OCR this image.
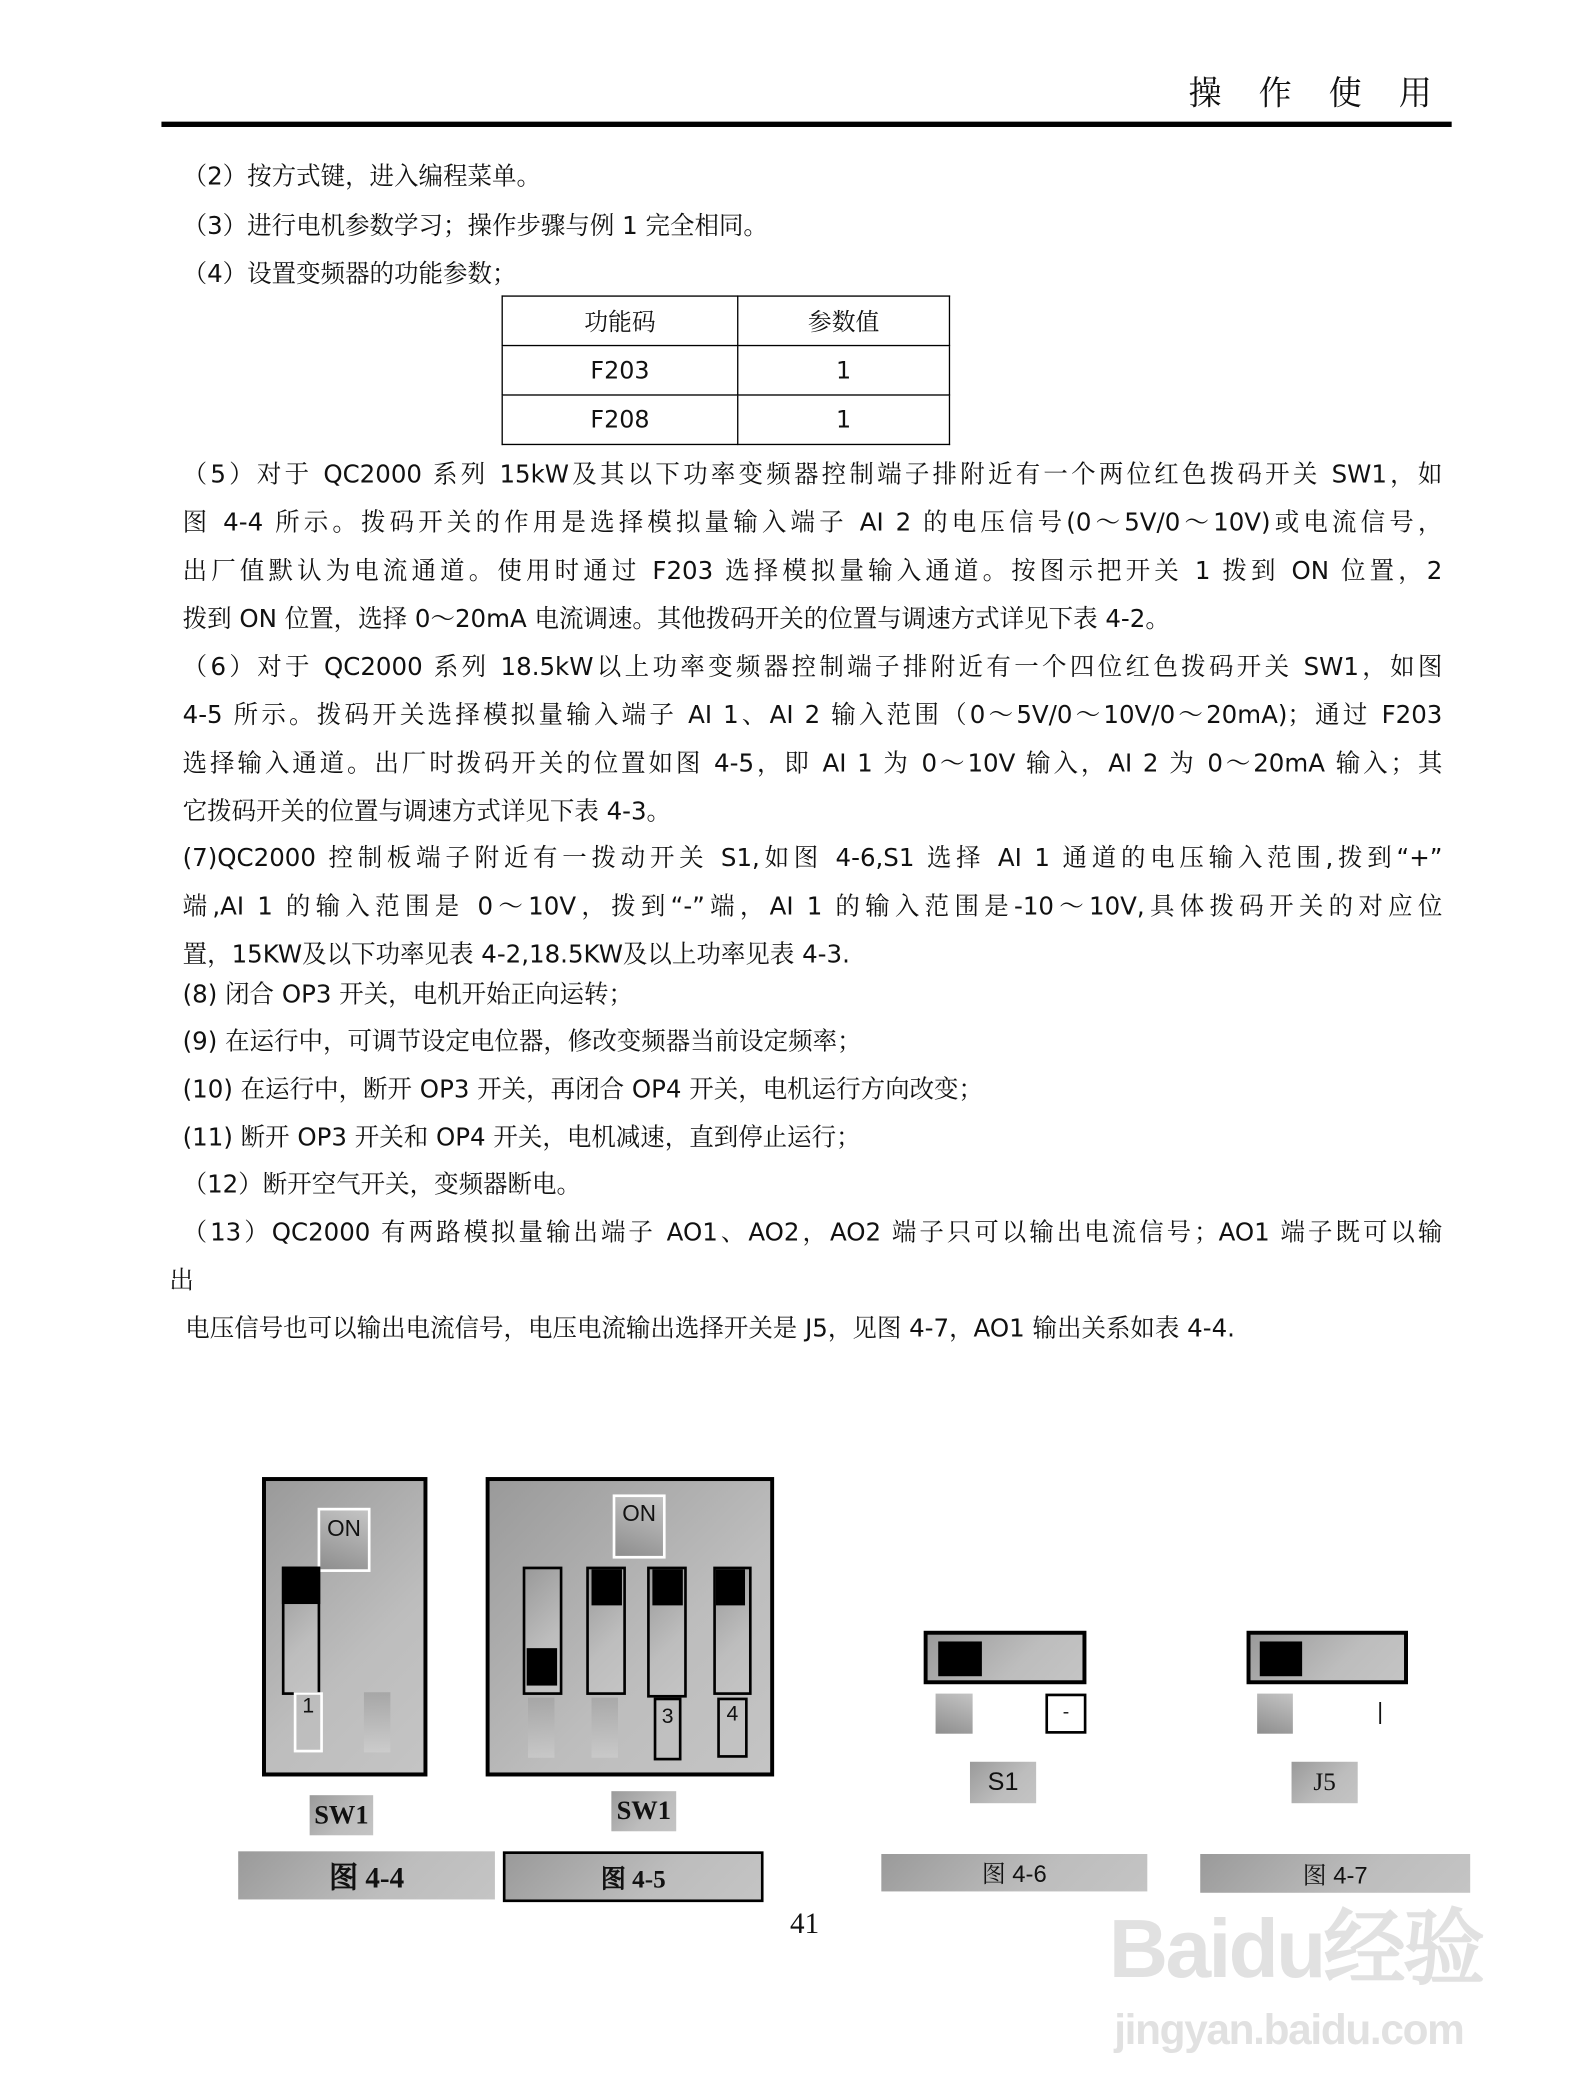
操 作 使 用
（2）按方式键，进入编程菜单。
（3）进行电机参数学习；操作步骤与例 1 完全相同。
（4）设置变频器的功能参数；
功能码	参数值
F203	1
F208	1
（5）对于 QC2000 系列 15kW及其以下功率变频器控制端子排附近有一个两位红色拨码开关 SW1，如
图 4-4 所示。拨码开关的作用是选择模拟量输入端子 AI 2 的电压信号(0～5V/0～10V)或电流信号，
出厂值默认为电流通道。使用时通过 F203 选择模拟量输入通道。按图示把开关 1 拨到 ON 位置，2
拨到 ON 位置，选择 0～20mA 电流调速。其他拨码开关的位置与调速方式详见下表 4-2。
（6）对于 QC2000 系列 18.5kW以上功率变频器控制端子排附近有一个四位红色拨码开关 SW1，如图
4-5 所示。拨码开关选择模拟量输入端子 AI 1、AI 2 输入范围（0～5V/0～10V/0～20mA)；通过 F203
选择输入通道。出厂时拨码开关的位置如图 4-5，即 AI 1 为 0～10V 输入，AI 2 为 0～20mA 输入；其
它拨码开关的位置与调速方式详见下表 4-3。
(7)QC2000 控制板端子附近有一拨动开关 S1,如图 4-6,S1 选择 AI 1 通道的电压输入范围,拨到“+”
端,AI 1 的输入范围是 0～10V，拨到“-”端，AI 1 的输入范围是-10～10V,具体拨码开关的对应位
置，15KW及以下功率见表 4-2,18.5KW及以上功率见表 4-3.
(8) 闭合 OP3 开关，电机开始正向运转；
(9) 在运行中，可调节设定电位器，修改变频器当前设定频率；
(10) 在运行中，断开 OP3 开关，再闭合 OP4 开关，电机运行方向改变；
(11) 断开 OP3 开关和 OP4 开关，电机减速，直到停止运行；
（12）断开空气开关，变频器断电。
（13）QC2000 有两路模拟量输出端子 AO1、AO2，AO2 端子只可以输出电流信号；AO1 端子既可以输
出
电压信号也可以输出电流信号，电压电流输出选择开关是 J5，见图 4-7，AO1 输出关系如表 4-4.
ON
1
SW1
图 4-4
ON
3	4
SW1
图 4-5
-
S1
图 4-6
|
J5
图 4-7
41	Baidu经验
jingyan.baidu.com
